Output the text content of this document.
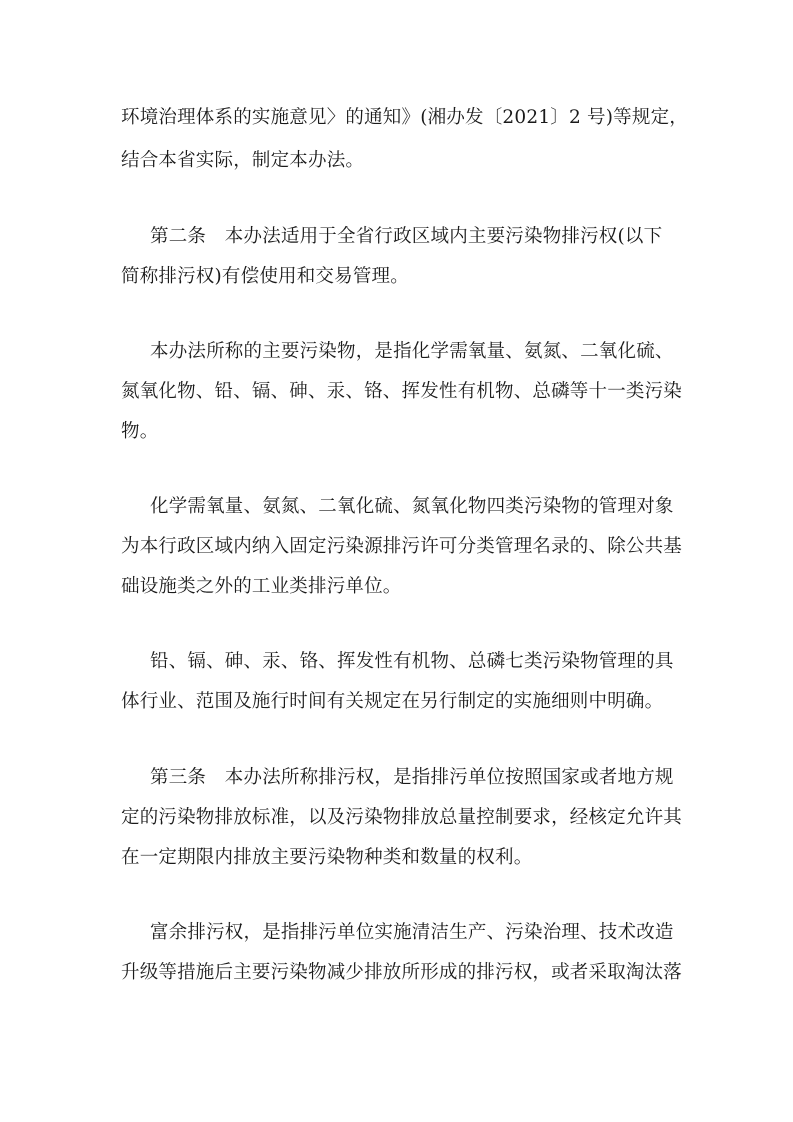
环境治理体系的实施意见〉的通知》(湘办发〔2021〕2 号)等规定，
结合本省实际，制定本办法。
第二条　本办法适用于全省行政区域内主要污染物排污权(以下
简称排污权)有偿使用和交易管理。
本办法所称的主要污染物，是指化学需氧量、氨氮、二氧化硫、
氮氧化物、铅、镉、砷、汞、铬、挥发性有机物、总磷等十一类污染
物。
化学需氧量、氨氮、二氧化硫、氮氧化物四类污染物的管理对象
为本行政区域内纳入固定污染源排污许可分类管理名录的、除公共基
础设施类之外的工业类排污单位。
铅、镉、砷、汞、铬、挥发性有机物、总磷七类污染物管理的具
体行业、范围及施行时间有关规定在另行制定的实施细则中明确。
第三条　本办法所称排污权，是指排污单位按照国家或者地方规
定的污染物排放标准，以及污染物排放总量控制要求，经核定允许其
在一定期限内排放主要污染物种类和数量的权利。
富余排污权，是指排污单位实施清洁生产、污染治理、技术改造
升级等措施后主要污染物减少排放所形成的排污权，或者采取淘汰落
